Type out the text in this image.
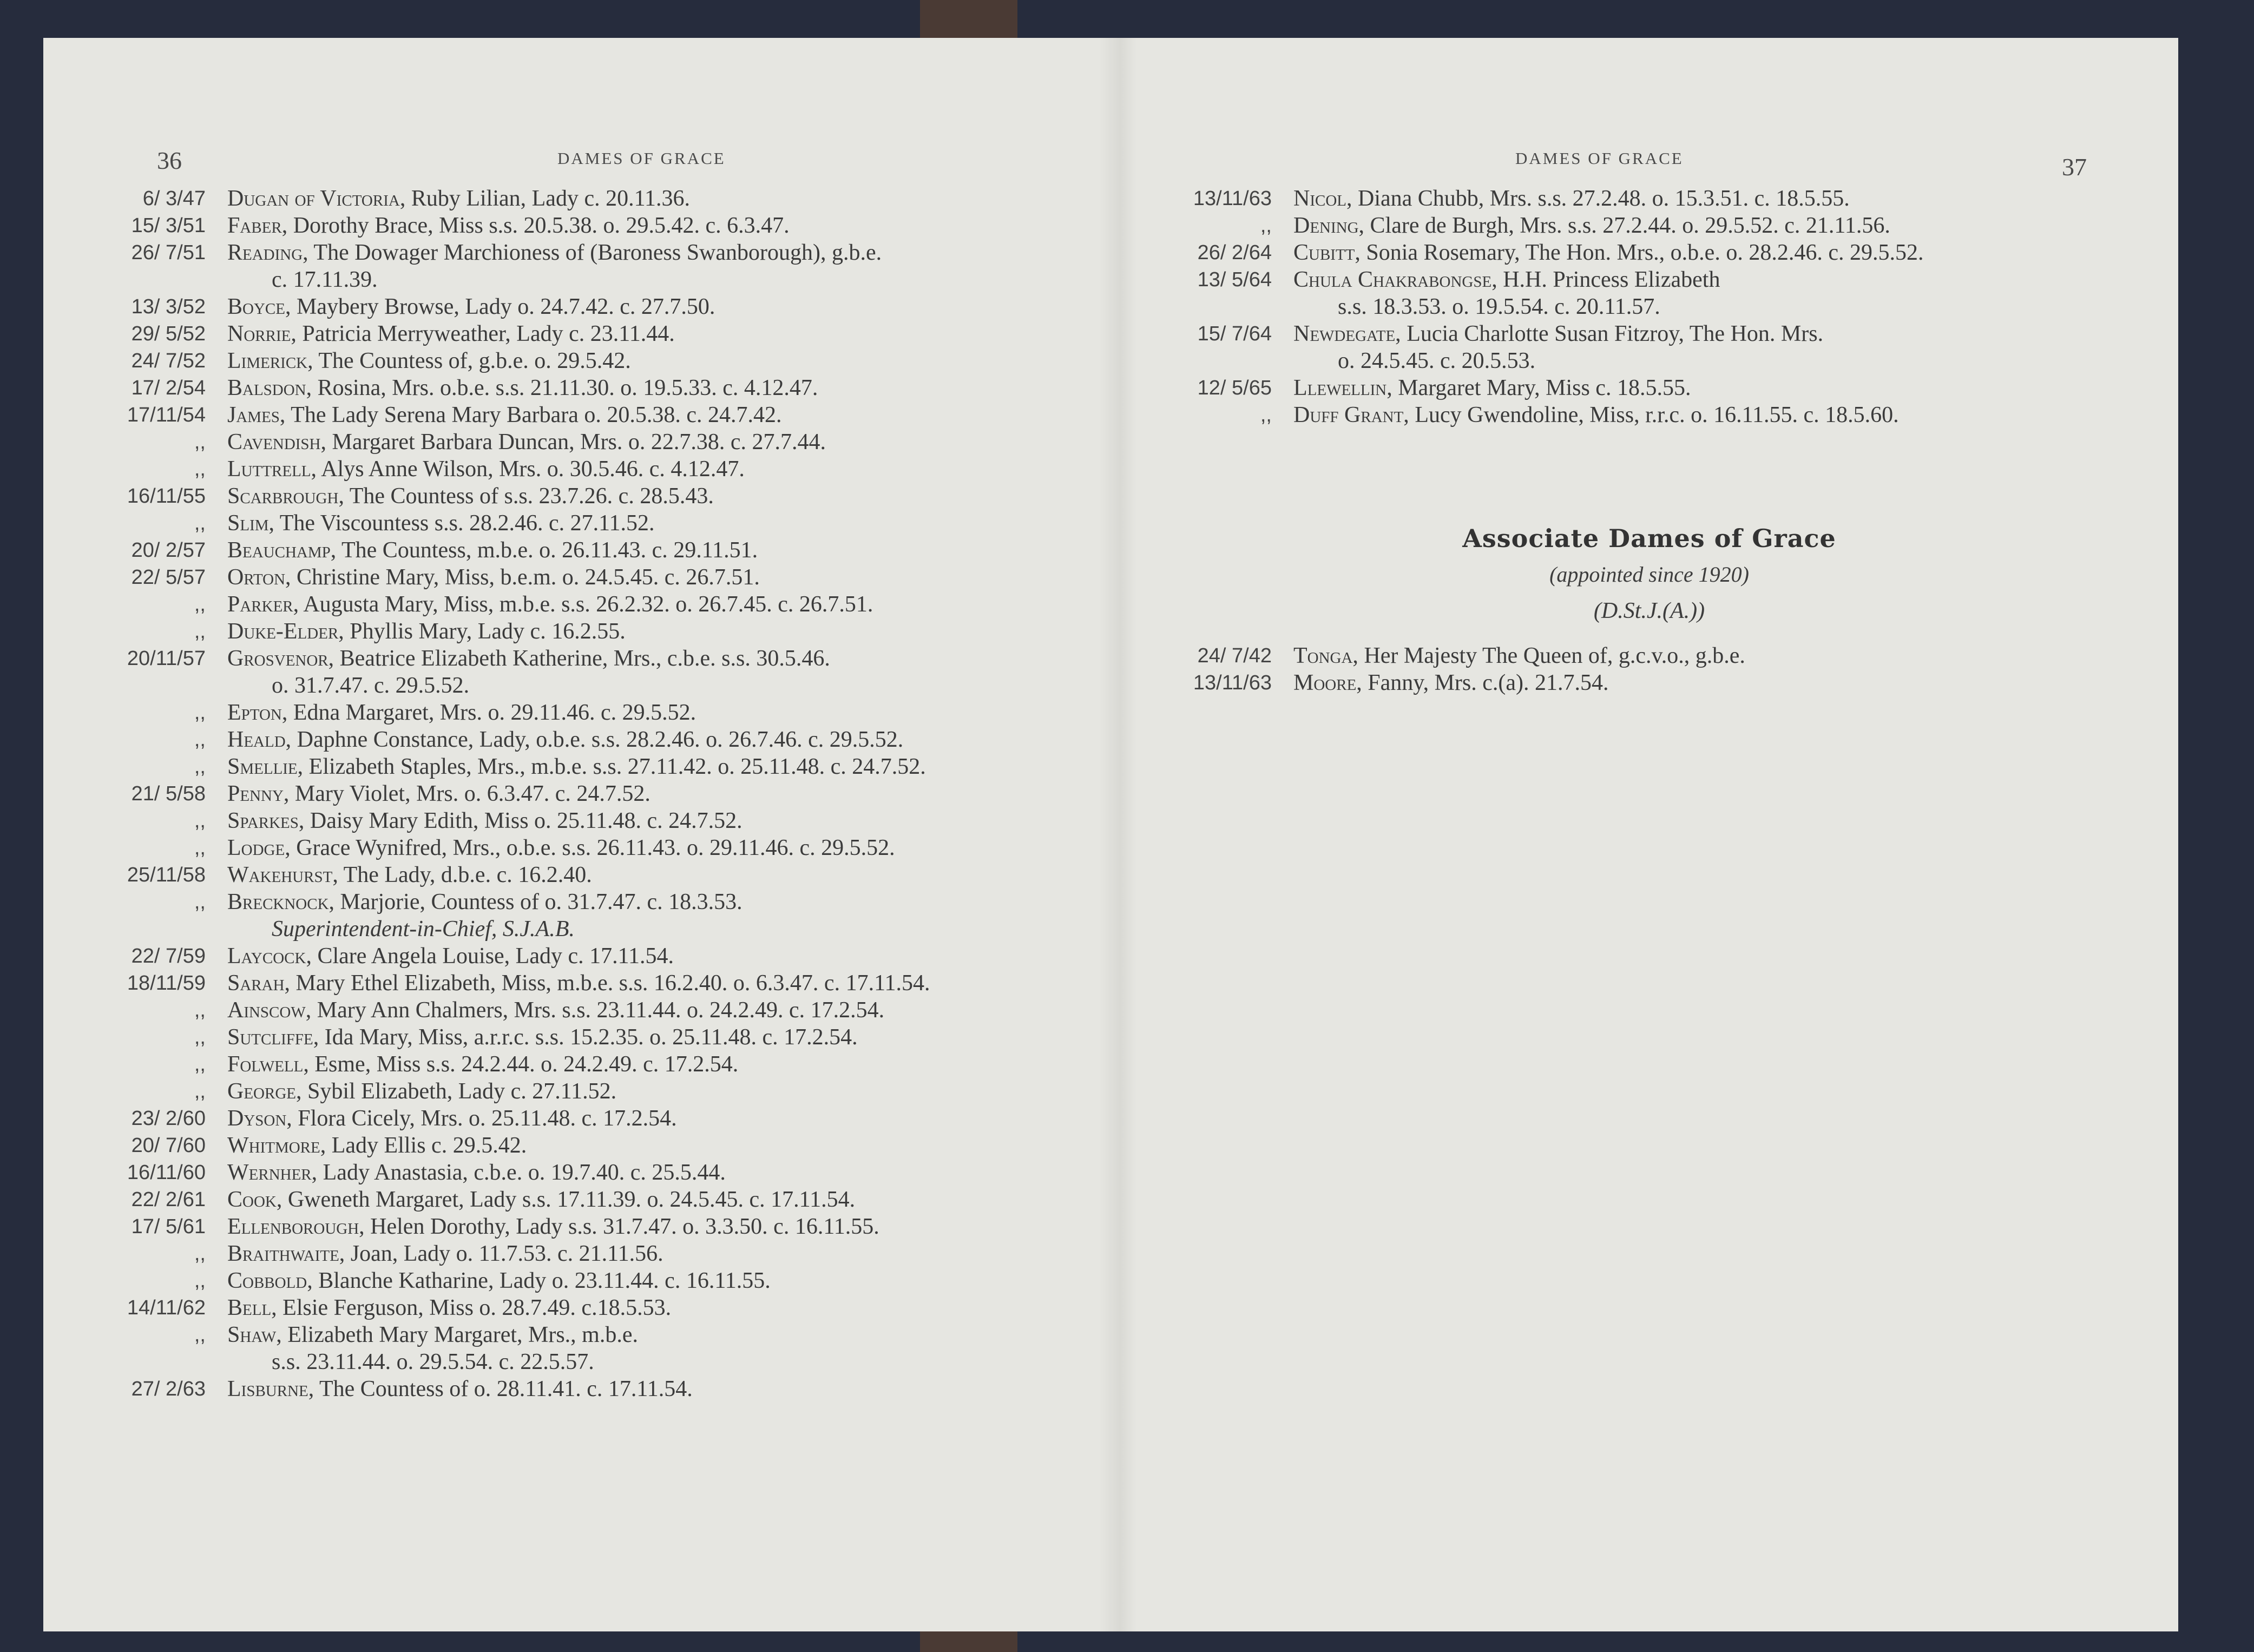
36	DAMES OF GRACE
6/ 3/47 Dugan of Victoria, Ruby Lilian, Lady c. 20.11.36.
15/ 3/51 Faber, Dorothy Brace, Miss s.s. 20.5.38. o. 29.5.42. c. 6.3.47.
26/ 7/51 Reading, The Dowager Marchioness of (Baroness Swanborough), g.b.e.
c. 17.11.39.
13/ 3/52 Boyce, Maybery Browse, Lady o. 24.7.42. c. 27.7.50.
29/ 5/52 Norrie, Patricia Merryweather, Lady c. 23.11.44.
24/ 7/52 Limerick, The Countess of, g.b.e. o. 29.5.42.
17/ 2/54 Balsdon, Rosina, Mrs. o.b.e. s.s. 21.11.30. o. 19.5.33. c. 4.12.47.
17/11/54 James, The Lady Serena Mary Barbara o. 20.5.38. c. 24.7.42.
,, Cavendish, Margaret Barbara Duncan, Mrs. o. 22.7.38. c. 27.7.44.
,, Luttrell, Alys Anne Wilson, Mrs. o. 30.5.46. c. 4.12.47.
16/11/55 Scarbrough, The Countess of s.s. 23.7.26. c. 28.5.43.
,, Slim, The Viscountess s.s. 28.2.46. c. 27.11.52.
20/ 2/57 Beauchamp, The Countess, m.b.e. o. 26.11.43. c. 29.11.51.
22/ 5/57 Orton, Christine Mary, Miss, b.e.m. o. 24.5.45. c. 26.7.51.
,, Parker, Augusta Mary, Miss, m.b.e. s.s. 26.2.32. o. 26.7.45. c. 26.7.51.
,, Duke-Elder, Phyllis Mary, Lady c. 16.2.55.
20/11/57 Grosvenor, Beatrice Elizabeth Katherine, Mrs., c.b.e. s.s. 30.5.46.
o. 31.7.47. c. 29.5.52.
,, Epton, Edna Margaret, Mrs. o. 29.11.46. c. 29.5.52.
,, Heald, Daphne Constance, Lady, o.b.e. s.s. 28.2.46. o. 26.7.46. c. 29.5.52.
,, Smellie, Elizabeth Staples, Mrs., m.b.e. s.s. 27.11.42. o. 25.11.48. c. 24.7.52.
21/ 5/58 Penny, Mary Violet, Mrs. o. 6.3.47. c. 24.7.52.
,, Sparkes, Daisy Mary Edith, Miss o. 25.11.48. c. 24.7.52.
,, Lodge, Grace Wynifred, Mrs., o.b.e. s.s. 26.11.43. o. 29.11.46. c. 29.5.52.
25/11/58 Wakehurst, The Lady, d.b.e. c. 16.2.40.
,, Brecknock, Marjorie, Countess of o. 31.7.47. c. 18.3.53.
Superintendent-in-Chief, S.J.A.B.
22/ 7/59 Laycock, Clare Angela Louise, Lady c. 17.11.54.
18/11/59 Sarah, Mary Ethel Elizabeth, Miss, m.b.e. s.s. 16.2.40. o. 6.3.47. c. 17.11.54.
,, Ainscow, Mary Ann Chalmers, Mrs. s.s. 23.11.44. o. 24.2.49. c. 17.2.54.
,, Sutcliffe, Ida Mary, Miss, a.r.r.c. s.s. 15.2.35. o. 25.11.48. c. 17.2.54.
,, Folwell, Esme, Miss s.s. 24.2.44. o. 24.2.49. c. 17.2.54.
,, George, Sybil Elizabeth, Lady c. 27.11.52.
23/ 2/60 Dyson, Flora Cicely, Mrs. o. 25.11.48. c. 17.2.54.
20/ 7/60 Whitmore, Lady Ellis c. 29.5.42.
16/11/60 Wernher, Lady Anastasia, c.b.e. o. 19.7.40. c. 25.5.44.
22/ 2/61 Cook, Gweneth Margaret, Lady s.s. 17.11.39. o. 24.5.45. c. 17.11.54.
17/ 5/61 Ellenborough, Helen Dorothy, Lady s.s. 31.7.47. o. 3.3.50. c. 16.11.55.
,, Braithwaite, Joan, Lady o. 11.7.53. c. 21.11.56.
,, Cobbold, Blanche Katharine, Lady o. 23.11.44. c. 16.11.55.
14/11/62 Bell, Elsie Ferguson, Miss o. 28.7.49. c.18.5.53.
,, Shaw, Elizabeth Mary Margaret, Mrs., m.b.e.
s.s. 23.11.44. o. 29.5.54. c. 22.5.57.
27/ 2/63 Lisburne, The Countess of o. 28.11.41. c. 17.11.54.
DAMES OF GRACE	37
13/11/63 Nicol, Diana Chubb, Mrs. s.s. 27.2.48. o. 15.3.51. c. 18.5.55.
,, Dening, Clare de Burgh, Mrs. s.s. 27.2.44. o. 29.5.52. c. 21.11.56.
26/ 2/64 Cubitt, Sonia Rosemary, The Hon. Mrs., o.b.e. o. 28.2.46. c. 29.5.52.
13/ 5/64 Chula Chakrabongse, H.H. Princess Elizabeth
s.s. 18.3.53. o. 19.5.54. c. 20.11.57.
15/ 7/64 Newdegate, Lucia Charlotte Susan Fitzroy, The Hon. Mrs.
o. 24.5.45. c. 20.5.53.
12/ 5/65 Llewellin, Margaret Mary, Miss c. 18.5.55.
,, Duff Grant, Lucy Gwendoline, Miss, r.r.c. o. 16.11.55. c. 18.5.60.
Associate Dames of Grace
(appointed since 1920)
(D.St.J.(A.))
24/ 7/42 Tonga, Her Majesty The Queen of, g.c.v.o., g.b.e.
13/11/63 Moore, Fanny, Mrs. c.(a). 21.7.54.
